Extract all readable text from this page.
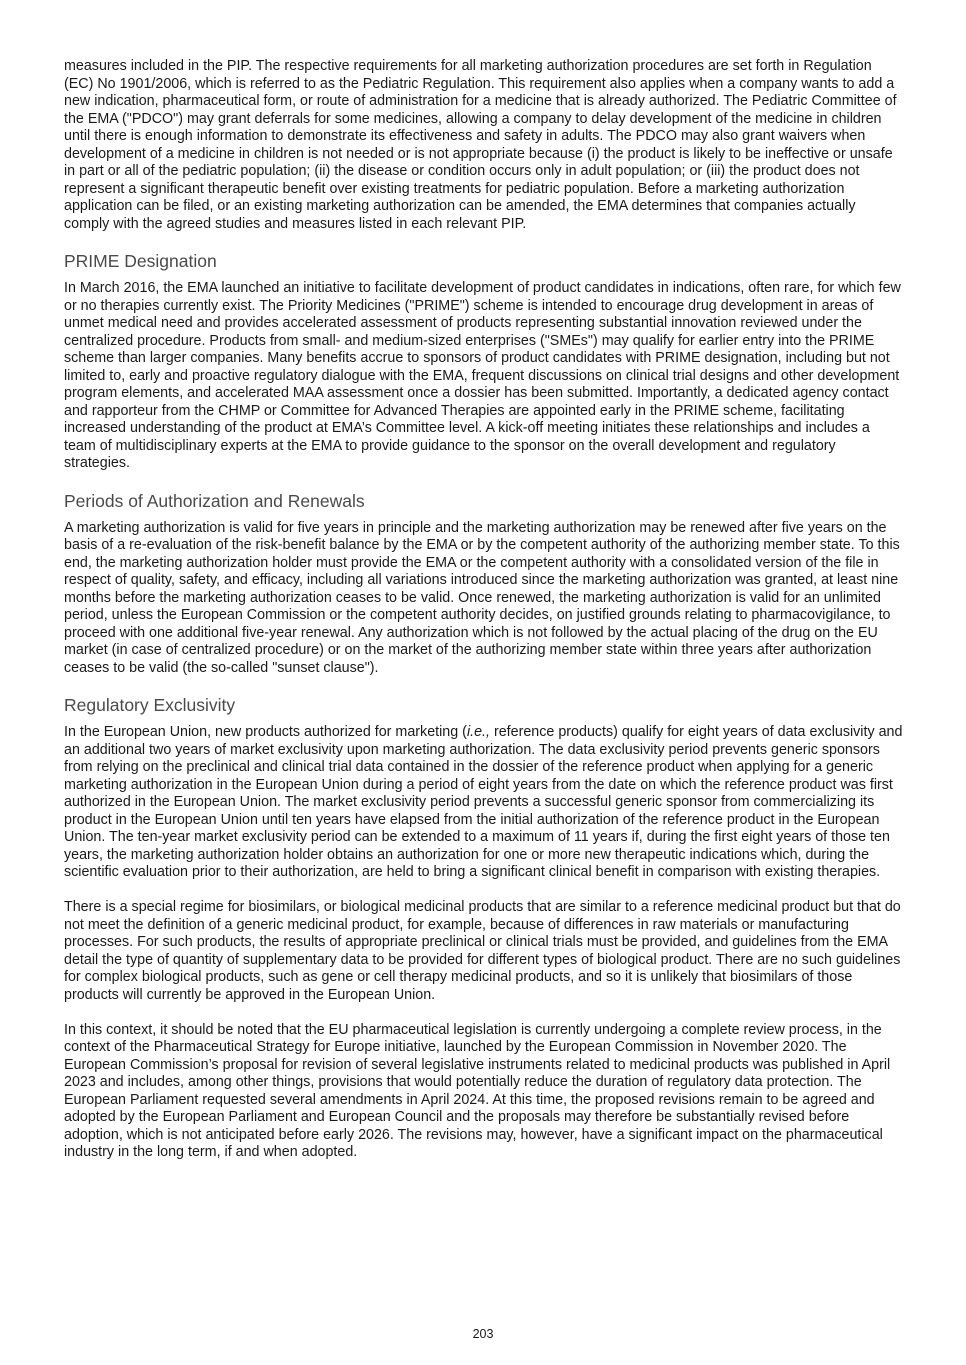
measures included in the PIP. The respective requirements for all marketing authorization procedures are set forth in Regulation (EC) No 1901/2006, which is referred to as the Pediatric Regulation. This requirement also applies when a company wants to add a new indication, pharmaceutical form, or route of administration for a medicine that is already authorized. The Pediatric Committee of the EMA ("PDCO") may grant deferrals for some medicines, allowing a company to delay development of the medicine in children until there is enough information to demonstrate its effectiveness and safety in adults. The PDCO may also grant waivers when development of a medicine in children is not needed or is not appropriate because (i) the product is likely to be ineffective or unsafe in part or all of the pediatric population; (ii) the disease or condition occurs only in adult population; or (iii) the product does not represent a significant therapeutic benefit over existing treatments for pediatric population. Before a marketing authorization application can be filed, or an existing marketing authorization can be amended, the EMA determines that companies actually comply with the agreed studies and measures listed in each relevant PIP.

PRIME Designation

In March 2016, the EMA launched an initiative to facilitate development of product candidates in indications, often rare, for which few or no therapies currently exist. The Priority Medicines ("PRIME") scheme is intended to encourage drug development in areas of unmet medical need and provides accelerated assessment of products representing substantial innovation reviewed under the centralized procedure. Products from small- and medium-sized enterprises ("SMEs") may qualify for earlier entry into the PRIME scheme than larger companies. Many benefits accrue to sponsors of product candidates with PRIME designation, including but not limited to, early and proactive regulatory dialogue with the EMA, frequent discussions on clinical trial designs and other development program elements, and accelerated MAA assessment once a dossier has been submitted. Importantly, a dedicated agency contact and rapporteur from the CHMP or Committee for Advanced Therapies are appointed early in the PRIME scheme, facilitating increased understanding of the product at EMA’s Committee level. A kick-off meeting initiates these relationships and includes a team of multidisciplinary experts at the EMA to provide guidance to the sponsor on the overall development and regulatory strategies.

Periods of Authorization and Renewals

A marketing authorization is valid for five years in principle and the marketing authorization may be renewed after five years on the basis of a re-evaluation of the risk-benefit balance by the EMA or by the competent authority of the authorizing member state. To this end, the marketing authorization holder must provide the EMA or the competent authority with a consolidated version of the file in respect of quality, safety, and efficacy, including all variations introduced since the marketing authorization was granted, at least nine months before the marketing authorization ceases to be valid. Once renewed, the marketing authorization is valid for an unlimited period, unless the European Commission or the competent authority decides, on justified grounds relating to pharmacovigilance, to proceed with one additional five-year renewal. Any authorization which is not followed by the actual placing of the drug on the EU market (in case of centralized procedure) or on the market of the authorizing member state within three years after authorization ceases to be valid (the so-called "sunset clause").

Regulatory Exclusivity

In the European Union, new products authorized for marketing (i.e., reference products) qualify for eight years of data exclusivity and an additional two years of market exclusivity upon marketing authorization. The data exclusivity period prevents generic sponsors from relying on the preclinical and clinical trial data contained in the dossier of the reference product when applying for a generic marketing authorization in the European Union during a period of eight years from the date on which the reference product was first authorized in the European Union. The market exclusivity period prevents a successful generic sponsor from commercializing its product in the European Union until ten years have elapsed from the initial authorization of the reference product in the European Union. The ten-year market exclusivity period can be extended to a maximum of 11 years if, during the first eight years of those ten years, the marketing authorization holder obtains an authorization for one or more new therapeutic indications which, during the scientific evaluation prior to their authorization, are held to bring a significant clinical benefit in comparison with existing therapies.

There is a special regime for biosimilars, or biological medicinal products that are similar to a reference medicinal product but that do not meet the definition of a generic medicinal product, for example, because of differences in raw materials or manufacturing processes. For such products, the results of appropriate preclinical or clinical trials must be provided, and guidelines from the EMA detail the type of quantity of supplementary data to be provided for different types of biological product. There are no such guidelines for complex biological products, such as gene or cell therapy medicinal products, and so it is unlikely that biosimilars of those products will currently be approved in the European Union.

In this context, it should be noted that the EU pharmaceutical legislation is currently undergoing a complete review process, in the context of the Pharmaceutical Strategy for Europe initiative, launched by the European Commission in November 2020. The European Commission’s proposal for revision of several legislative instruments related to medicinal products was published in April 2023 and includes, among other things, provisions that would potentially reduce the duration of regulatory data protection. The European Parliament requested several amendments in April 2024. At this time, the proposed revisions remain to be agreed and adopted by the European Parliament and European Council and the proposals may therefore be substantially revised before adoption, which is not anticipated before early 2026. The revisions may, however, have a significant impact on the pharmaceutical industry in the long term, if and when adopted.

203
